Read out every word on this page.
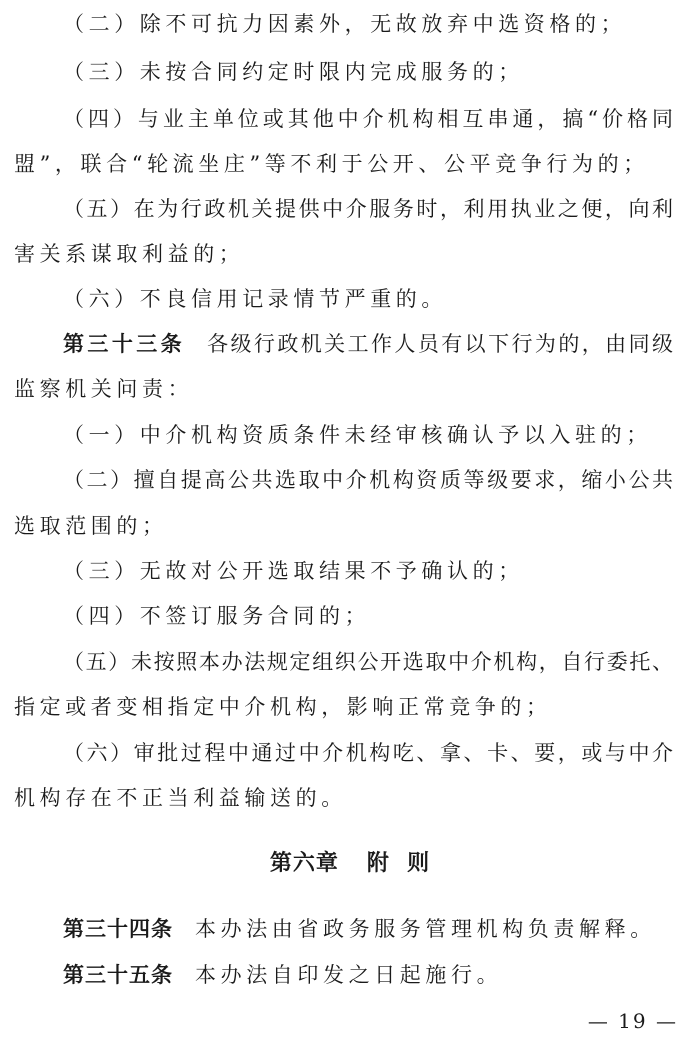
（二）除不可抗力因素外，无故放弃中选资格的；
（三）未按合同约定时限内完成服务的；
（四）与业主单位或其他中介机构相互串通，搞“价格同
盟”，联合“轮流坐庄”等不利于公开、公平竞争行为的；
（五）在为行政机关提供中介服务时，利用执业之便，向利
害关系谋取利益的；
（六）不良信用记录情节严重的。
第三十三条 各级行政机关工作人员有以下行为的，由同级
监察机关问责：
（一）中介机构资质条件未经审核确认予以入驻的；
（二）擅自提高公共选取中介机构资质等级要求，缩小公共
选取范围的；
（三）无故对公开选取结果不予确认的；
（四）不签订服务合同的；
（五）未按照本办法规定组织公开选取中介机构，自行委托、
指定或者变相指定中介机构，影响正常竞争的；
（六）审批过程中通过中介机构吃、拿、卡、要，或与中介
机构存在不正当利益输送的。
第六章 附  则
第三十四条 本办法由省政务服务管理机构负责解释。
第三十五条 本办法自印发之日起施行。
— 19 —
